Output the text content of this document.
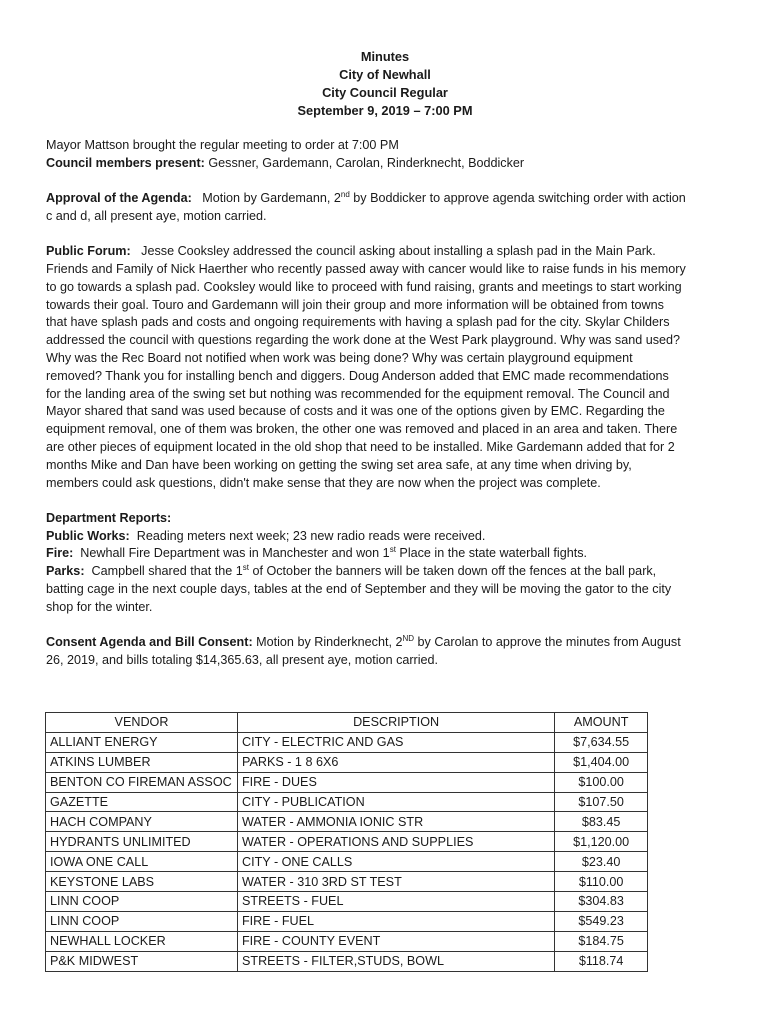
Minutes
City of Newhall
City Council Regular
September 9, 2019 – 7:00 PM

Mayor Mattson brought the regular meeting to order at 7:00 PM

Council members present: Gessner, Gardemann, Carolan, Rinderknecht, Boddicker

Approval of the Agenda: Motion by Gardemann, 2nd by Boddicker to approve agenda switching order with action c and d, all present aye, motion carried.

Public Forum: Jesse Cooksley addressed the council asking about installing a splash pad in the Main Park. Friends and Family of Nick Haerther who recently passed away with cancer would like to raise funds in his memory to go towards a splash pad. Cooksley would like to proceed with fund raising, grants and meetings to start working towards their goal. Touro and Gardemann will join their group and more information will be obtained from towns that have splash pads and costs and ongoing requirements with having a splash pad for the city. Skylar Childers addressed the council with questions regarding the work done at the West Park playground. Why was sand used? Why was the Rec Board not notified when work was being done? Why was certain playground equipment removed? Thank you for installing bench and diggers. Doug Anderson added that EMC made recommendations for the landing area of the swing set but nothing was recommended for the equipment removal. The Council and Mayor shared that sand was used because of costs and it was one of the options given by EMC. Regarding the equipment removal, one of them was broken, the other one was removed and placed in an area and taken. There are other pieces of equipment located in the old shop that need to be installed. Mike Gardemann added that for 2 months Mike and Dan have been working on getting the swing set area safe, at any time when driving by, members could ask questions, didn't make sense that they are now when the project was complete.

Department Reports:

Public Works: Reading meters next week; 23 new radio reads were received.

Fire: Newhall Fire Department was in Manchester and won 1st Place in the state waterball fights.

Parks: Campbell shared that the 1st of October the banners will be taken down off the fences at the ball park, batting cage in the next couple days, tables at the end of September and they will be moving the gator to the city shop for the winter.

Consent Agenda and Bill Consent: Motion by Rinderknecht, 2ND by Carolan to approve the minutes from August 26, 2019, and bills totaling $14,365.63, all present aye, motion carried.

VENDOR	DESCRIPTION	AMOUNT
ALLIANT ENERGY	CITY - ELECTRIC AND GAS	$7,634.55
ATKINS LUMBER	PARKS - 1 8 6X6	$1,404.00
BENTON CO FIREMAN ASSOC	FIRE - DUES	$100.00
GAZETTE	CITY - PUBLICATION	$107.50
HACH COMPANY	WATER - AMMONIA IONIC STR	$83.45
HYDRANTS UNLIMITED	WATER - OPERATIONS AND SUPPLIES	$1,120.00
IOWA ONE CALL	CITY - ONE CALLS	$23.40
KEYSTONE LABS	WATER - 310 3RD ST TEST	$110.00
LINN COOP	STREETS - FUEL	$304.83
LINN COOP	FIRE - FUEL	$549.23
NEWHALL LOCKER	FIRE - COUNTY EVENT	$184.75
P&K MIDWEST	STREETS - FILTER,STUDS, BOWL	$118.74
